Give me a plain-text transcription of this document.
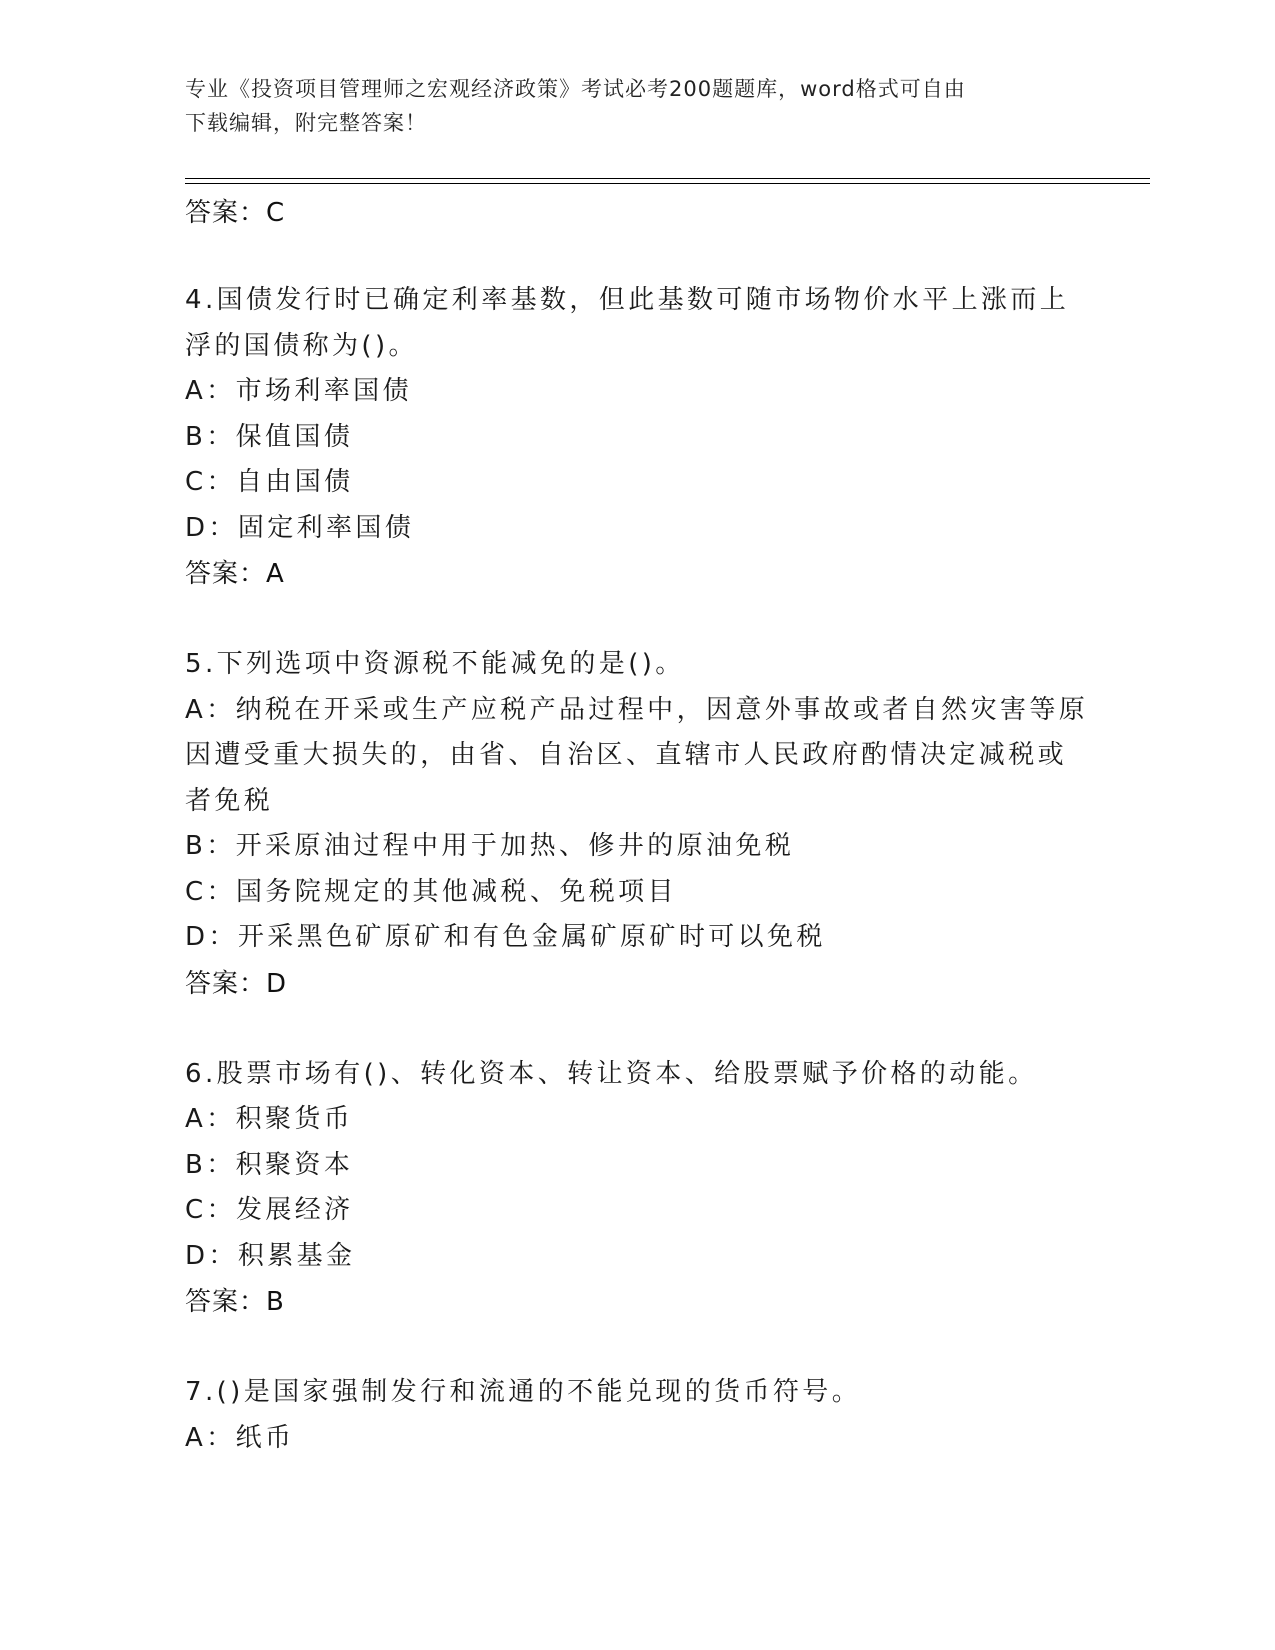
专业《投资项目管理师之宏观经济政策》考试必考200题题库，word格式可自由
下载编辑，附完整答案！
答案：C
4.国债发行时已确定利率基数，但此基数可随市场物价水平上涨而上
浮的国债称为()。
A：市场利率国债
B：保值国债
C：自由国债
D：固定利率国债
答案：A
5.下列选项中资源税不能减免的是()。
A：纳税在开采或生产应税产品过程中，因意外事故或者自然灾害等原
因遭受重大损失的，由省、自治区、直辖市人民政府酌情决定减税或
者免税
B：开采原油过程中用于加热、修井的原油免税
C：国务院规定的其他减税、免税项目
D：开采黑色矿原矿和有色金属矿原矿时可以免税
答案：D
6.股票市场有()、转化资本、转让资本、给股票赋予价格的动能。
A：积聚货币
B：积聚资本
C：发展经济
D：积累基金
答案：B
7.()是国家强制发行和流通的不能兑现的货币符号。
A：纸币
